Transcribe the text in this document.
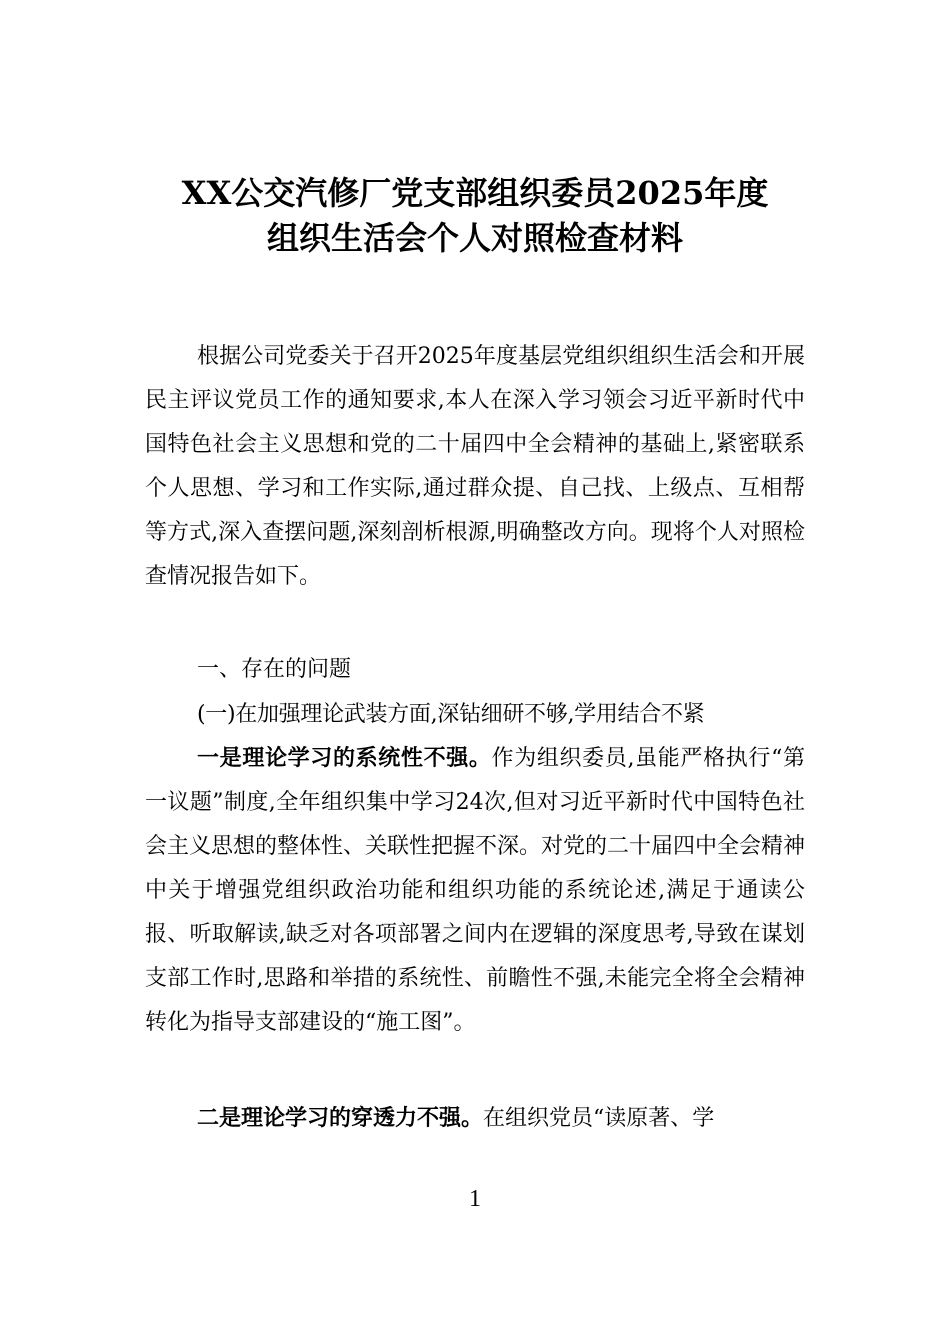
XX公交汽修厂党支部组织委员2025年度
组织生活会个人对照检查材料

根据公司党委关于召开2025年度基层党组织组织生活会和开展民主评议党员工作的通知要求,本人在深入学习领会习近平新时代中国特色社会主义思想和党的二十届四中全会精神的基础上,紧密联系个人思想、学习和工作实际,通过群众提、自己找、上级点、互相帮等方式,深入查摆问题,深刻剖析根源,明确整改方向。现将个人对照检查情况报告如下。

一、存在的问题

(一)在加强理论武装方面,深钻细研不够,学用结合不紧

一是理论学习的系统性不强。作为组织委员,虽能严格执行“第一议题”制度,全年组织集中学习24次,但对习近平新时代中国特色社会主义思想的整体性、关联性把握不深。对党的二十届四中全会精神中关于增强党组织政治功能和组织功能的系统论述,满足于通读公报、听取解读,缺乏对各项部署之间内在逻辑的深度思考,导致在谋划支部工作时,思路和举措的系统性、前瞻性不强,未能完全将全会精神转化为指导支部建设的“施工图”。

二是理论学习的穿透力不强。在组织党员“读原著、学

1
